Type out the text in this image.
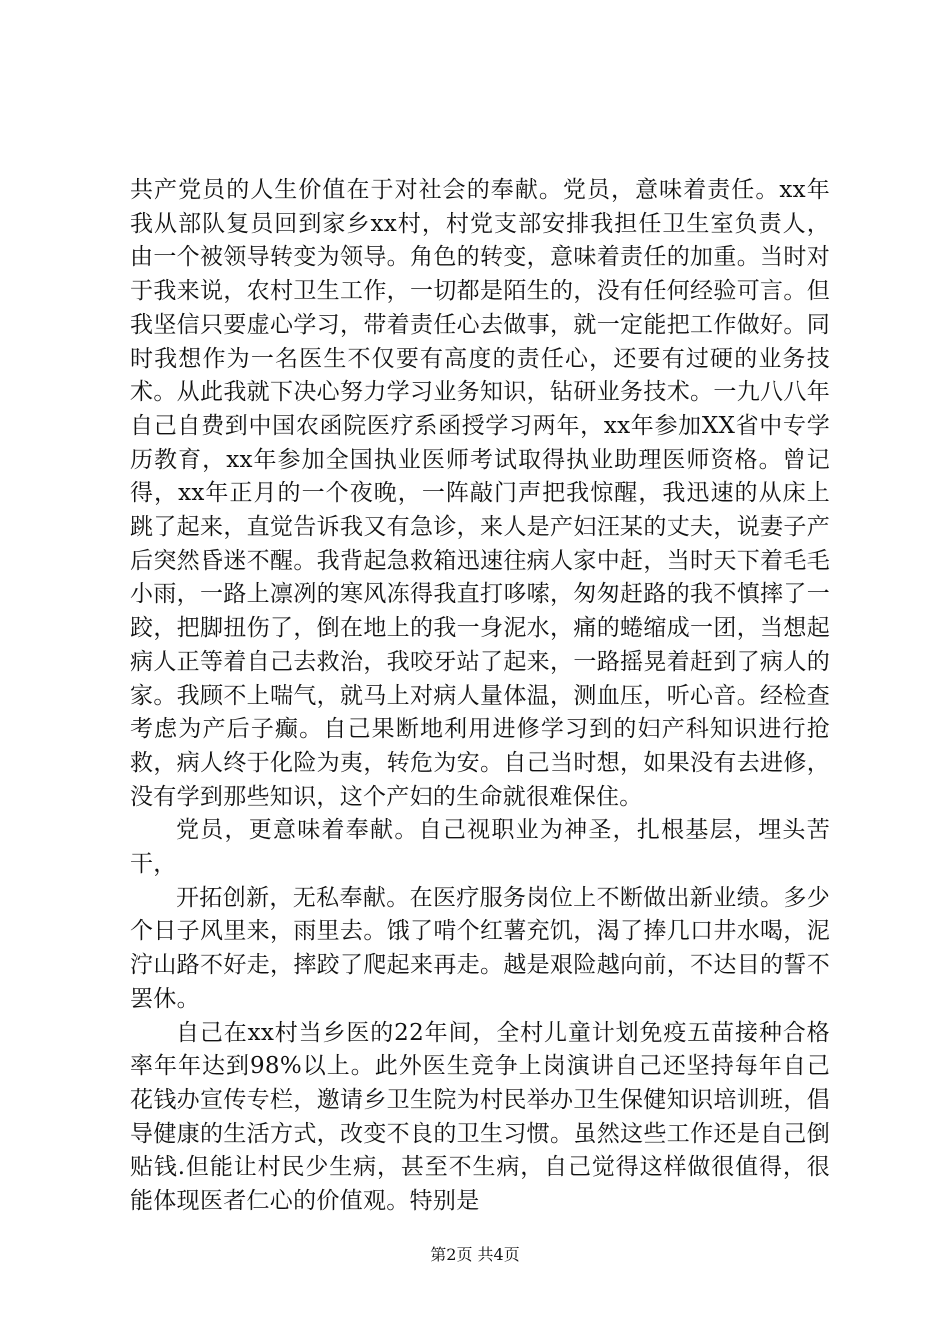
共产党员的人生价值在于对社会的奉献。党员，意味着责任。xx年我从部队复员回到家乡xx村，村党支部安排我担任卫生室负责人，由一个被领导转变为领导。角色的转变，意味着责任的加重。当时对于我来说，农村卫生工作，一切都是陌生的，没有任何经验可言。但我坚信只要虚心学习，带着责任心去做事，就一定能把工作做好。同时我想作为一名医生不仅要有高度的责任心，还要有过硬的业务技术。从此我就下决心努力学习业务知识，钻研业务技术。一九八八年自己自费到中国农函院医疗系函授学习两年，xx年参加XX省中专学历教育，xx年参加全国执业医师考试取得执业助理医师资格。曾记得，xx年正月的一个夜晚，一阵敲门声把我惊醒，我迅速的从床上跳了起来，直觉告诉我又有急诊，来人是产妇汪某的丈夫，说妻子产后突然昏迷不醒。我背起急救箱迅速往病人家中赶，当时天下着毛毛小雨，一路上凛冽的寒风冻得我直打哆嗦，匆匆赶路的我不慎摔了一跤，把脚扭伤了，倒在地上的我一身泥水，痛的蜷缩成一团，当想起病人正等着自己去救治，我咬牙站了起来，一路摇晃着赶到了病人的家。我顾不上喘气，就马上对病人量体温，测血压，听心音。经检查考虑为产后子癫。自己果断地利用进修学习到的妇产科知识进行抢救，病人终于化险为夷，转危为安。自己当时想，如果没有去进修，没有学到那些知识，这个产妇的生命就很难保住。

党员，更意味着奉献。自己视职业为神圣，扎根基层，埋头苦干，

开拓创新，无私奉献。在医疗服务岗位上不断做出新业绩。多少个日子风里来，雨里去。饿了啃个红薯充饥，渴了捧几口井水喝，泥泞山路不好走，摔跤了爬起来再走。越是艰险越向前，不达目的誓不罢休。

自己在xx村当乡医的22年间，全村儿童计划免疫五苗接种合格率年年达到98%以上。此外医生竞争上岗演讲自己还坚持每年自己花钱办宣传专栏，邀请乡卫生院为村民举办卫生保健知识培训班，倡导健康的生活方式，改变不良的卫生习惯。虽然这些工作还是自己倒贴钱.但能让村民少生病，甚至不生病，自己觉得这样做很值得，很能体现医者仁心的价值观。特别是

第2页 共4页
